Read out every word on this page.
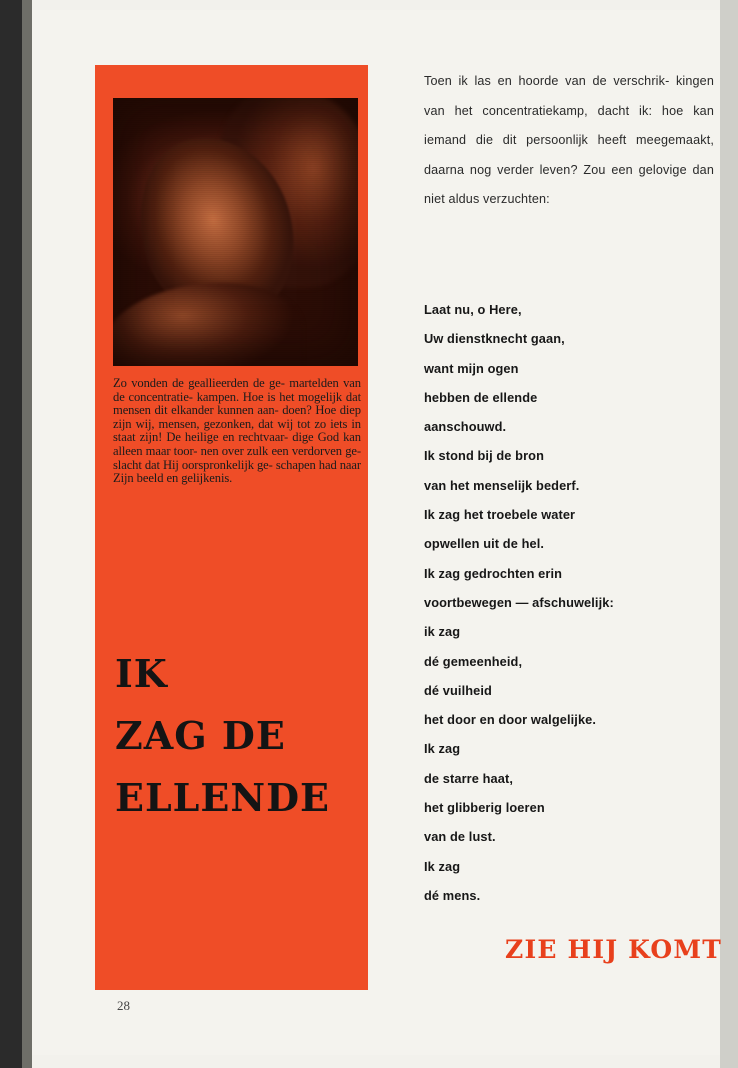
Zo vonden de geallieerden de ge- martelden van de concentratie- kampen. Hoe is het mogelijk dat mensen dit elkander kunnen aan- doen? Hoe diep zijn wij, mensen, gezonken, dat wij tot zo iets in staat zijn! De heilige en rechtvaar- dige God kan alleen maar toor- nen over zulk een verdorven ge- slacht dat Hij oorspronkelijk ge- schapen had naar Zijn beeld en gelijkenis.
IK
ZAG DE
ELLENDE
Toen ik las en hoorde van de verschrik- kingen van het concentratiekamp, dacht ik: hoe kan iemand die dit persoonlijk heeft meegemaakt, daarna nog verder leven? Zou een gelovige dan niet aldus verzuchten:
Laat nu, o Here,
Uw dienstknecht gaan,
want mijn ogen
hebben de ellende
aanschouwd.
Ik stond bij de bron
van het menselijk bederf.
Ik zag het troebele water
opwellen uit de hel.
Ik zag gedrochten erin
voortbewegen — afschuwelijk:
ik zag
dé gemeenheid,
dé vuilheid
het door en door walgelijke.
Ik zag
de starre haat,
het glibberig loeren
van de lust.
Ik zag
dé mens.
ZIE HIJ KOMT
28
